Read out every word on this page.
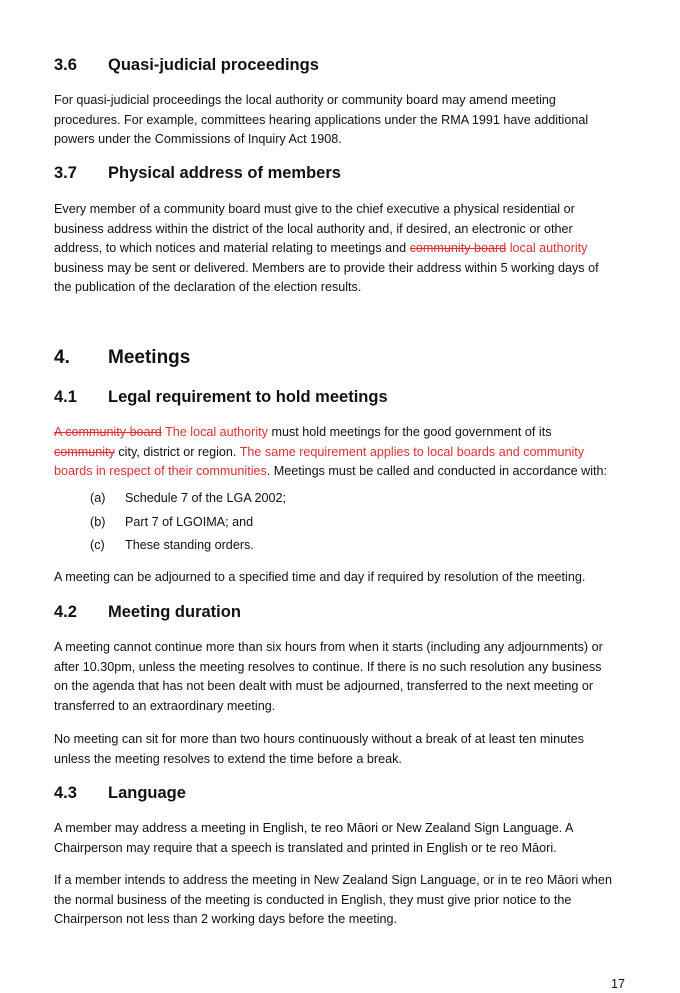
3.6 Quasi-judicial proceedings
For quasi-judicial proceedings the local authority or community board may amend meeting
procedures. For example, committees hearing applications under the RMA 1991 have additional
powers under the Commissions of Inquiry Act 1908.
3.7 Physical address of members
Every member of a community board must give to the chief executive a physical residential or
business address within the district of the local authority and, if desired, an electronic or other
address, to which notices and material relating to meetings and community board local authority
business may be sent or delivered. Members are to provide their address within 5 working days of
the publication of the declaration of the election results.
4. Meetings
4.1 Legal requirement to hold meetings
A community board The local authority must hold meetings for the good government of its
community city, district or region. The same requirement applies to local boards and community
boards in respect of their communities. Meetings must be called and conducted in accordance with:
(a) Schedule 7 of the LGA 2002;
(b) Part 7 of LGOIMA; and
(c) These standing orders.
A meeting can be adjourned to a specified time and day if required by resolution of the meeting.
4.2 Meeting duration
A meeting cannot continue more than six hours from when it starts (including any adjournments) or
after 10.30pm, unless the meeting resolves to continue. If there is no such resolution any business
on the agenda that has not been dealt with must be adjourned, transferred to the next meeting or
transferred to an extraordinary meeting.
No meeting can sit for more than two hours continuously without a break of at least ten minutes
unless the meeting resolves to extend the time before a break.
4.3 Language
A member may address a meeting in English, te reo Māori or New Zealand Sign Language. A
Chairperson may require that a speech is translated and printed in English or te reo Māori.
If a member intends to address the meeting in New Zealand Sign Language, or in te reo Māori when
the normal business of the meeting is conducted in English, they must give prior notice to the
Chairperson not less than 2 working days before the meeting.
17
